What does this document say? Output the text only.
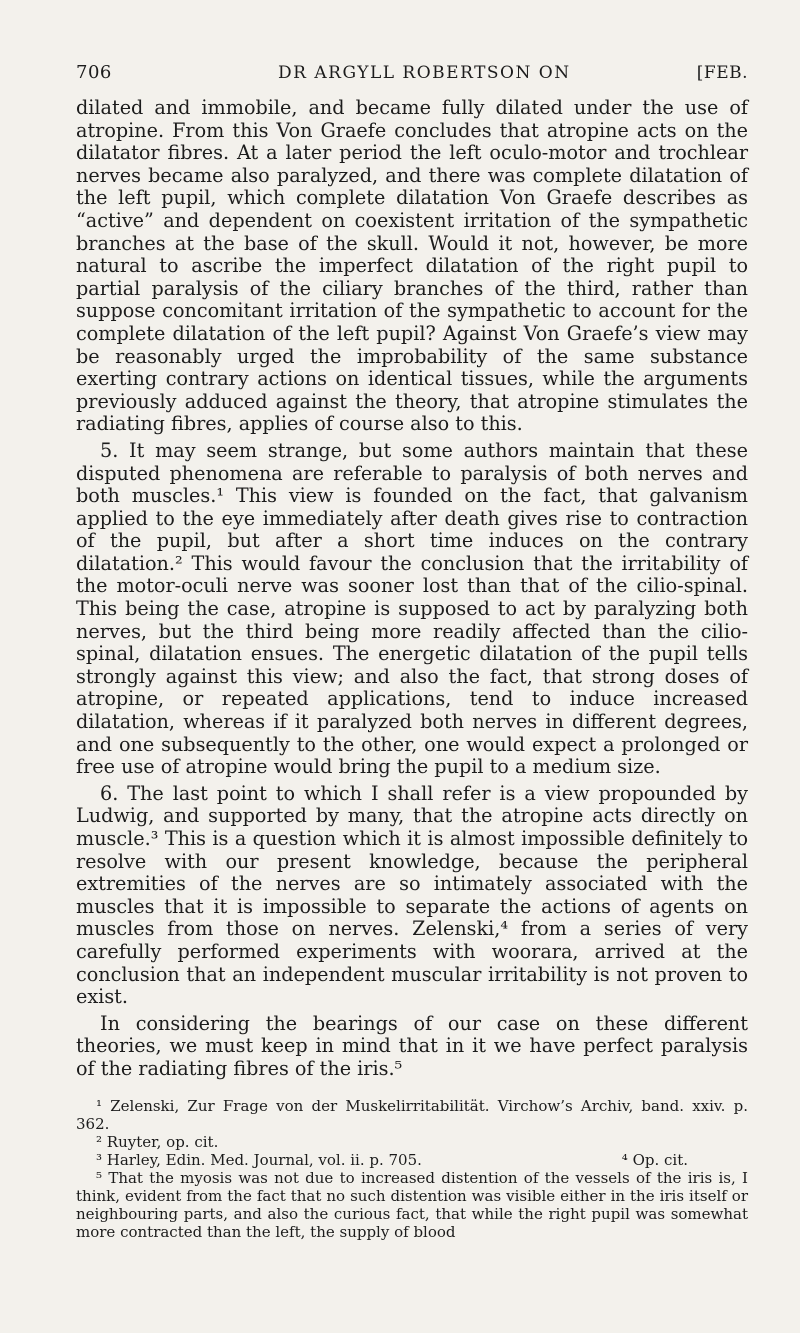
706	DR ARGYLL ROBERTSON ON	[FEB.

dilated and immobile, and became fully dilated under the use of atropine. From this Von Graefe concludes that atropine acts on the dilatator fibres. At a later period the left oculo-motor and trochlear nerves became also paralyzed, and there was complete dilatation of the left pupil, which complete dilatation Von Graefe describes as “active” and dependent on coexistent irritation of the sympathetic branches at the base of the skull. Would it not, however, be more natural to ascribe the imperfect dilatation of the right pupil to partial paralysis of the ciliary branches of the third, rather than suppose concomitant irritation of the sympathetic to account for the complete dilatation of the left pupil? Against Von Graefe’s view may be reasonably urged the improbability of the same substance exerting contrary actions on identical tissues, while the arguments previously adduced against the theory, that atropine stimulates the radiating fibres, applies of course also to this.

5. It may seem strange, but some authors maintain that these disputed phenomena are referable to paralysis of both nerves and both muscles.¹ This view is founded on the fact, that galvanism applied to the eye immediately after death gives rise to contraction of the pupil, but after a short time induces on the contrary dilatation.² This would favour the conclusion that the irritability of the motor-oculi nerve was sooner lost than that of the cilio-spinal. This being the case, atropine is supposed to act by paralyzing both nerves, but the third being more readily affected than the cilio-spinal, dilatation ensues. The energetic dilatation of the pupil tells strongly against this view; and also the fact, that strong doses of atropine, or repeated applications, tend to induce increased dilatation, whereas if it paralyzed both nerves in different degrees, and one subsequently to the other, one would expect a prolonged or free use of atropine would bring the pupil to a medium size.

6. The last point to which I shall refer is a view propounded by Ludwig, and supported by many, that the atropine acts directly on muscle.³ This is a question which it is almost impossible definitely to resolve with our present knowledge, because the peripheral extremities of the nerves are so intimately associated with the muscles that it is impossible to separate the actions of agents on muscles from those on nerves. Zelenski,⁴ from a series of very carefully performed experiments with woorara, arrived at the conclusion that an independent muscular irritability is not proven to exist.

In considering the bearings of our case on these different theories, we must keep in mind that in it we have perfect paralysis of the radiating fibres of the iris.⁵

¹ Zelenski, Zur Frage von der Muskelirritabilität. Virchow’s Archiv, band. xxiv. p. 362.

² Ruyter, op. cit.

³ Harley, Edin. Med. Journal, vol. ii. p. 705.	⁴ Op. cit.

⁵ That the myosis was not due to increased distention of the vessels of the iris is, I think, evident from the fact that no such distention was visible either in the iris itself or neighbouring parts, and also the curious fact, that while the right pupil was somewhat more contracted than the left, the supply of blood
